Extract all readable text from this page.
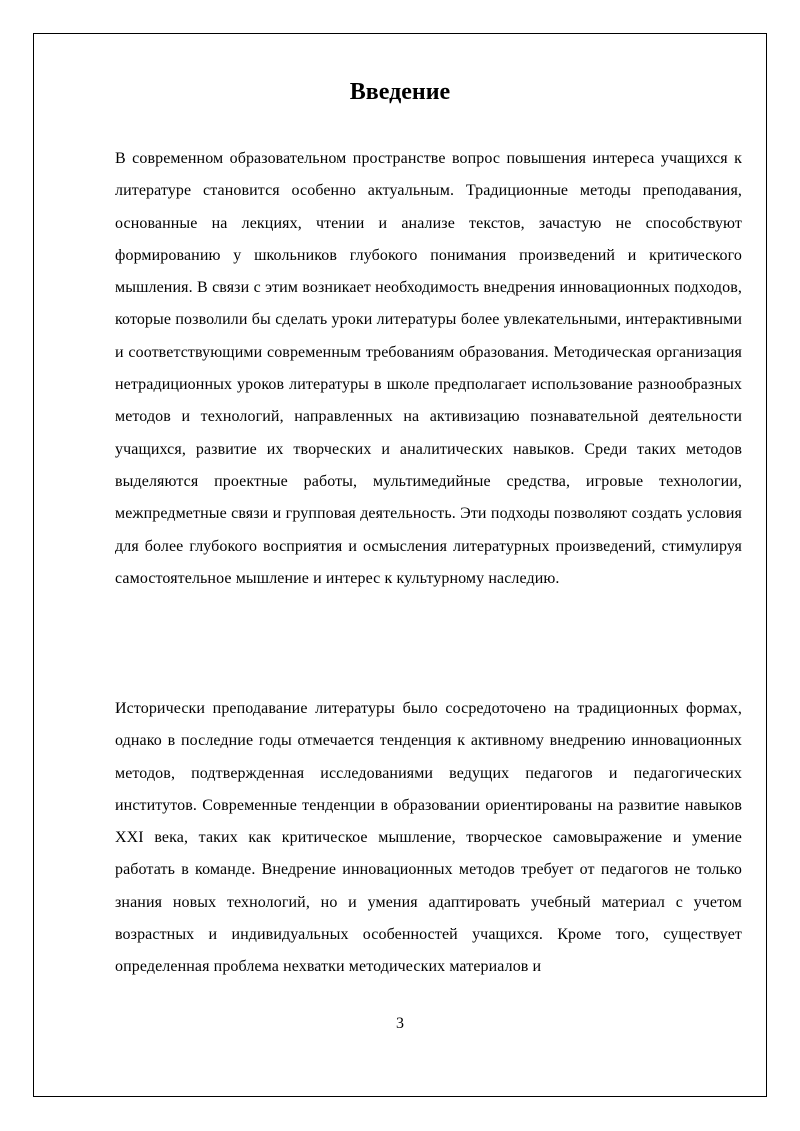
Введение

В современном образовательном пространстве вопрос повышения интереса учащихся к литературе становится особенно актуальным. Традиционные методы преподавания, основанные на лекциях, чтении и анализе текстов, зачастую не способствуют формированию у школьников глубокого понимания произведений и критического мышления. В связи с этим возникает необходимость внедрения инновационных подходов, которые позволили бы сделать уроки литературы более увлекательными, интерактивными и соответствующими современным требованиям образования. Методическая организация нетрадиционных уроков литературы в школе предполагает использование разнообразных методов и технологий, направленных на активизацию познавательной деятельности учащихся, развитие их творческих и аналитических навыков. Среди таких методов выделяются проектные работы, мультимедийные средства, игровые технологии, межпредметные связи и групповая деятельность. Эти подходы позволяют создать условия для более глубокого восприятия и осмысления литературных произведений, стимулируя самостоятельное мышление и интерес к культурному наследию.

Исторически преподавание литературы было сосредоточено на традиционных формах, однако в последние годы отмечается тенденция к активному внедрению инновационных методов, подтвержденная исследованиями ведущих педагогов и педагогических институтов. Современные тенденции в образовании ориентированы на развитие навыков XXI века, таких как критическое мышление, творческое самовыражение и умение работать в команде. Внедрение инновационных методов требует от педагогов не только знания новых технологий, но и умения адаптировать учебный материал с учетом возрастных и индивидуальных особенностей учащихся. Кроме того, существует определенная проблема нехватки методических материалов и

3
